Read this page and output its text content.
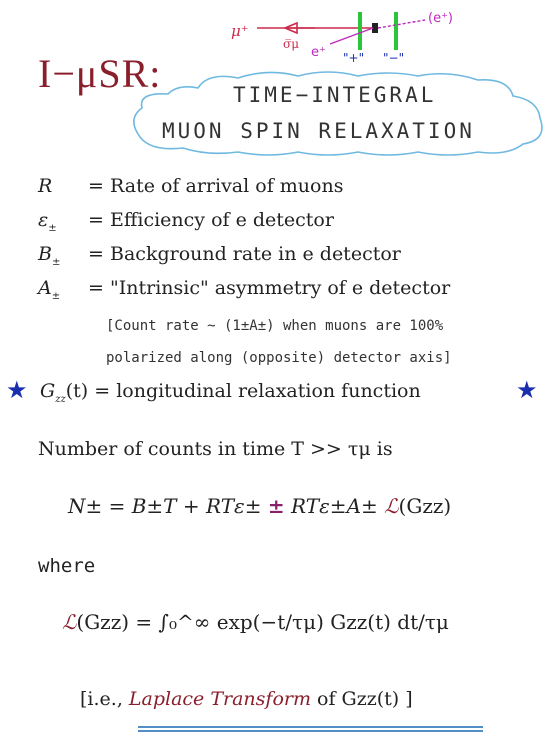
μ⁺
(e⁺)
e⁺
σ̅μ
"+" "−"
I−μSR:	TIME−INTEGRAL
MUON SPIN RELAXATION
R = Rate of arrival of muons
$\varepsilon_\pm$ = Efficiency of e detector
$B_\pm$ = Background rate in e detector
$A_\pm$ = "Intrinsic" asymmetry of e detector
[Count rate ~ (1±A±) when muons are 100%
polarized along (opposite) detector axis]
★ $G_{zz}(t)$ = longitudinal relaxation function	★
Number of counts in time T >> τμ is
N± = B±T + RTε± ± RTε±A± ℒ(Gzz)
where
ℒ(Gzz) = ∫₀^∞ exp(−t/τμ) Gzz(t) dt/τμ
[i.e., Laplace Transform of Gzz(t) ]
